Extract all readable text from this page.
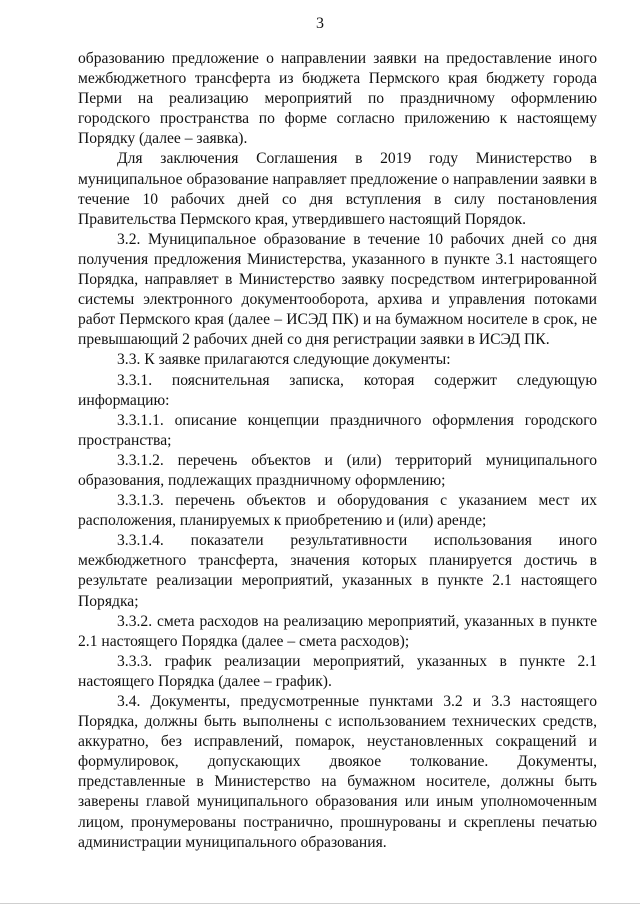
3

образованию предложение о направлении заявки на предоставление иного межбюджетного трансферта из бюджета Пермского края бюджету города Перми на реализацию мероприятий по праздничному оформлению городского пространства по форме согласно приложению к настоящему Порядку (далее – заявка).

Для заключения Соглашения в 2019 году Министерство в муниципальное образование направляет предложение о направлении заявки в течение 10 рабочих дней со дня вступления в силу постановления Правительства Пермского края, утвердившего настоящий Порядок.

3.2. Муниципальное образование в течение 10 рабочих дней со дня получения предложения Министерства, указанного в пункте 3.1 настоящего Порядка, направляет в Министерство заявку посредством интегрированной системы электронного документооборота, архива и управления потоками работ Пермского края (далее – ИСЭД ПК) и на бумажном носителе в срок, не превышающий 2 рабочих дней со дня регистрации заявки в ИСЭД ПК.

3.3. К заявке прилагаются следующие документы:

3.3.1. пояснительная записка, которая содержит следующую информацию:

3.3.1.1. описание концепции праздничного оформления городского пространства;

3.3.1.2. перечень объектов и (или) территорий муниципального образования, подлежащих праздничному оформлению;

3.3.1.3. перечень объектов и оборудования с указанием мест их расположения, планируемых к приобретению и (или) аренде;

3.3.1.4. показатели результативности использования иного межбюджетного трансферта, значения которых планируется достичь в результате реализации мероприятий, указанных в пункте 2.1 настоящего Порядка;

3.3.2. смета расходов на реализацию мероприятий, указанных в пункте 2.1 настоящего Порядка (далее – смета расходов);

3.3.3. график реализации мероприятий, указанных в пункте 2.1 настоящего Порядка (далее – график).

3.4. Документы, предусмотренные пунктами 3.2 и 3.3 настоящего Порядка, должны быть выполнены с использованием технических средств, аккуратно, без исправлений, помарок, неустановленных сокращений и формулировок, допускающих двоякое толкование. Документы, представленные в Министерство на бумажном носителе, должны быть заверены главой муниципального образования или иным уполномоченным лицом, пронумерованы постранично, прошнурованы и скреплены печатью администрации муниципального образования.
